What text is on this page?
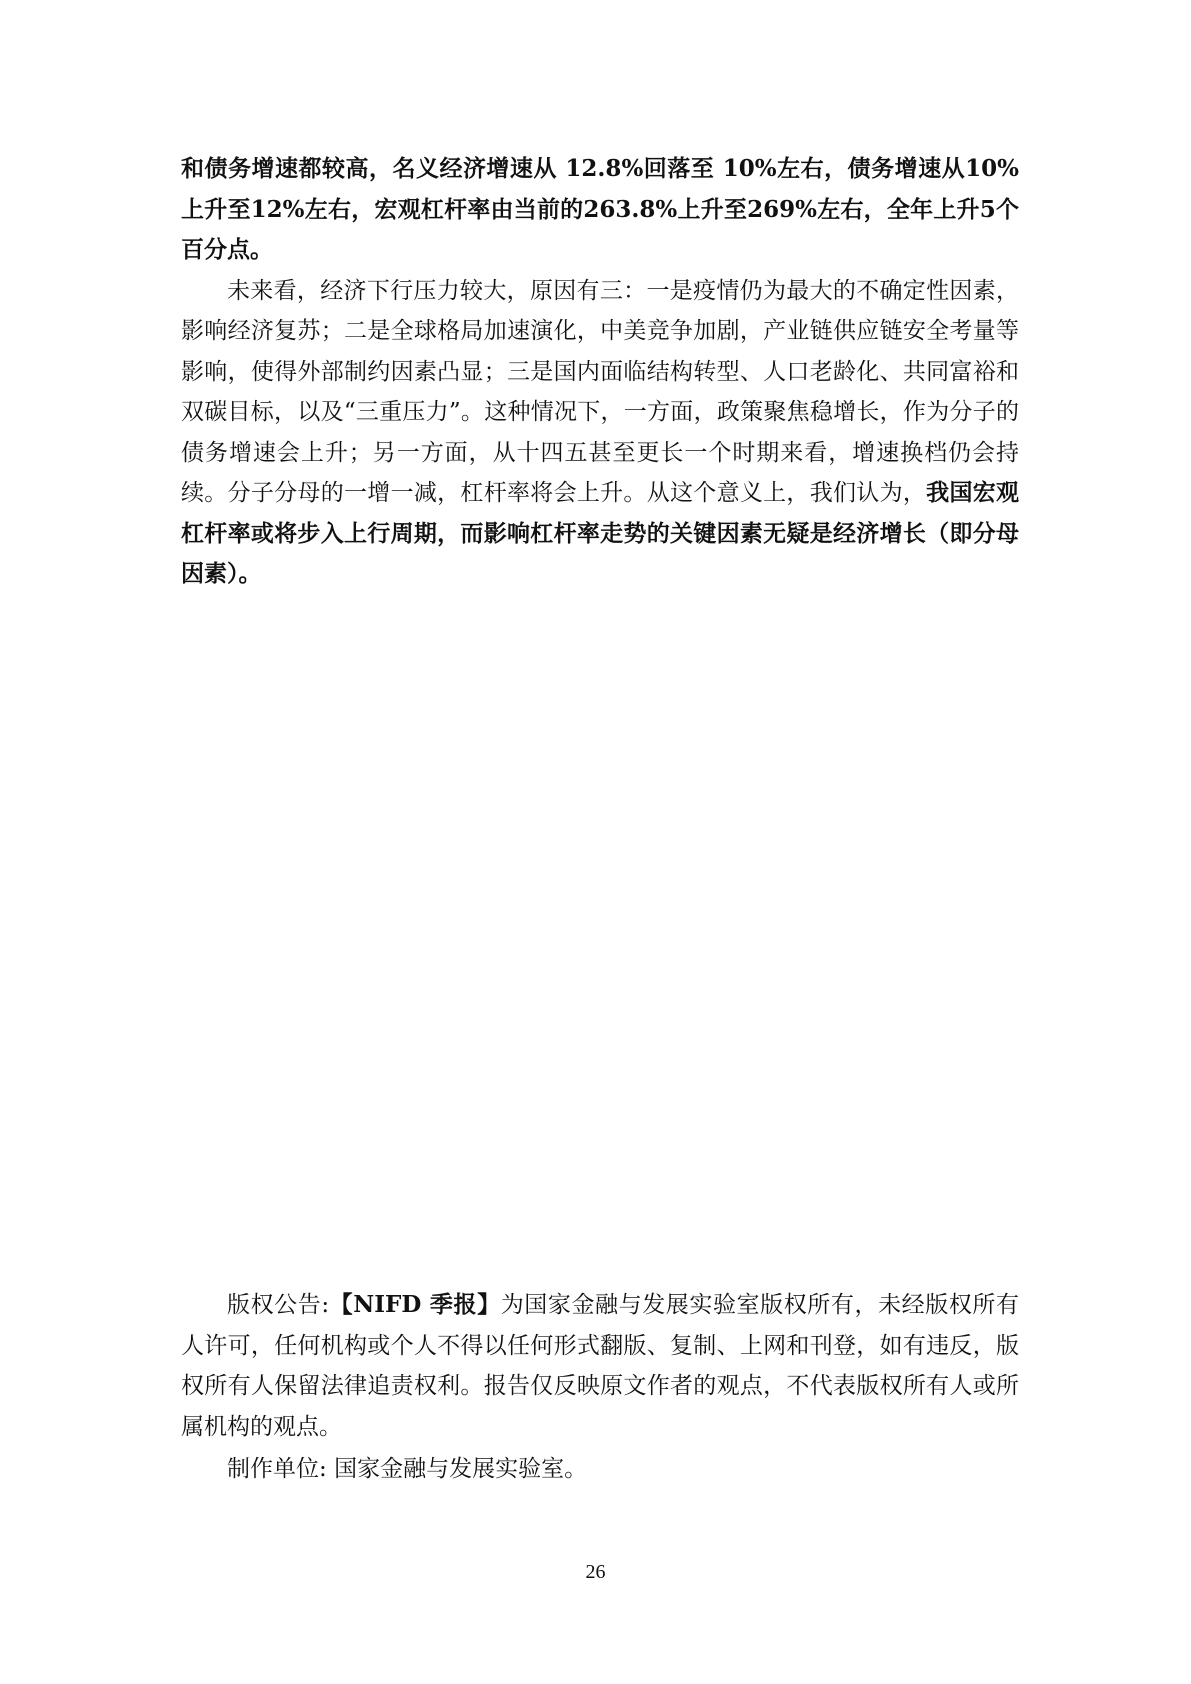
和债务增速都较高，名义经济增速从 12.8%回落至 10%左右，债务增速从10%上升至12%左右，宏观杠杆率由当前的263.8%上升至269%左右，全年上升5个百分点。

未来看，经济下行压力较大，原因有三：一是疫情仍为最大的不确定性因素，影响经济复苏；二是全球格局加速演化，中美竞争加剧，产业链供应链安全考量等影响，使得外部制约因素凸显；三是国内面临结构转型、人口老龄化、共同富裕和双碳目标，以及“三重压力”。这种情况下，一方面，政策聚焦稳增长，作为分子的债务增速会上升；另一方面，从十四五甚至更长一个时期来看，增速换档仍会持续。分子分母的一增一减，杠杆率将会上升。从这个意义上，我们认为，我国宏观杠杆率或将步入上行周期，而影响杠杆率走势的关键因素无疑是经济增长（即分母因素）。

版权公告:【NIFD 季报】为国家金融与发展实验室版权所有，未经版权所有人许可，任何机构或个人不得以任何形式翻版、复制、上网和刊登，如有违反，版权所有人保留法律追责权利。报告仅反映原文作者的观点，不代表版权所有人或所属机构的观点。

制作单位: 国家金融与发展实验室。

26
